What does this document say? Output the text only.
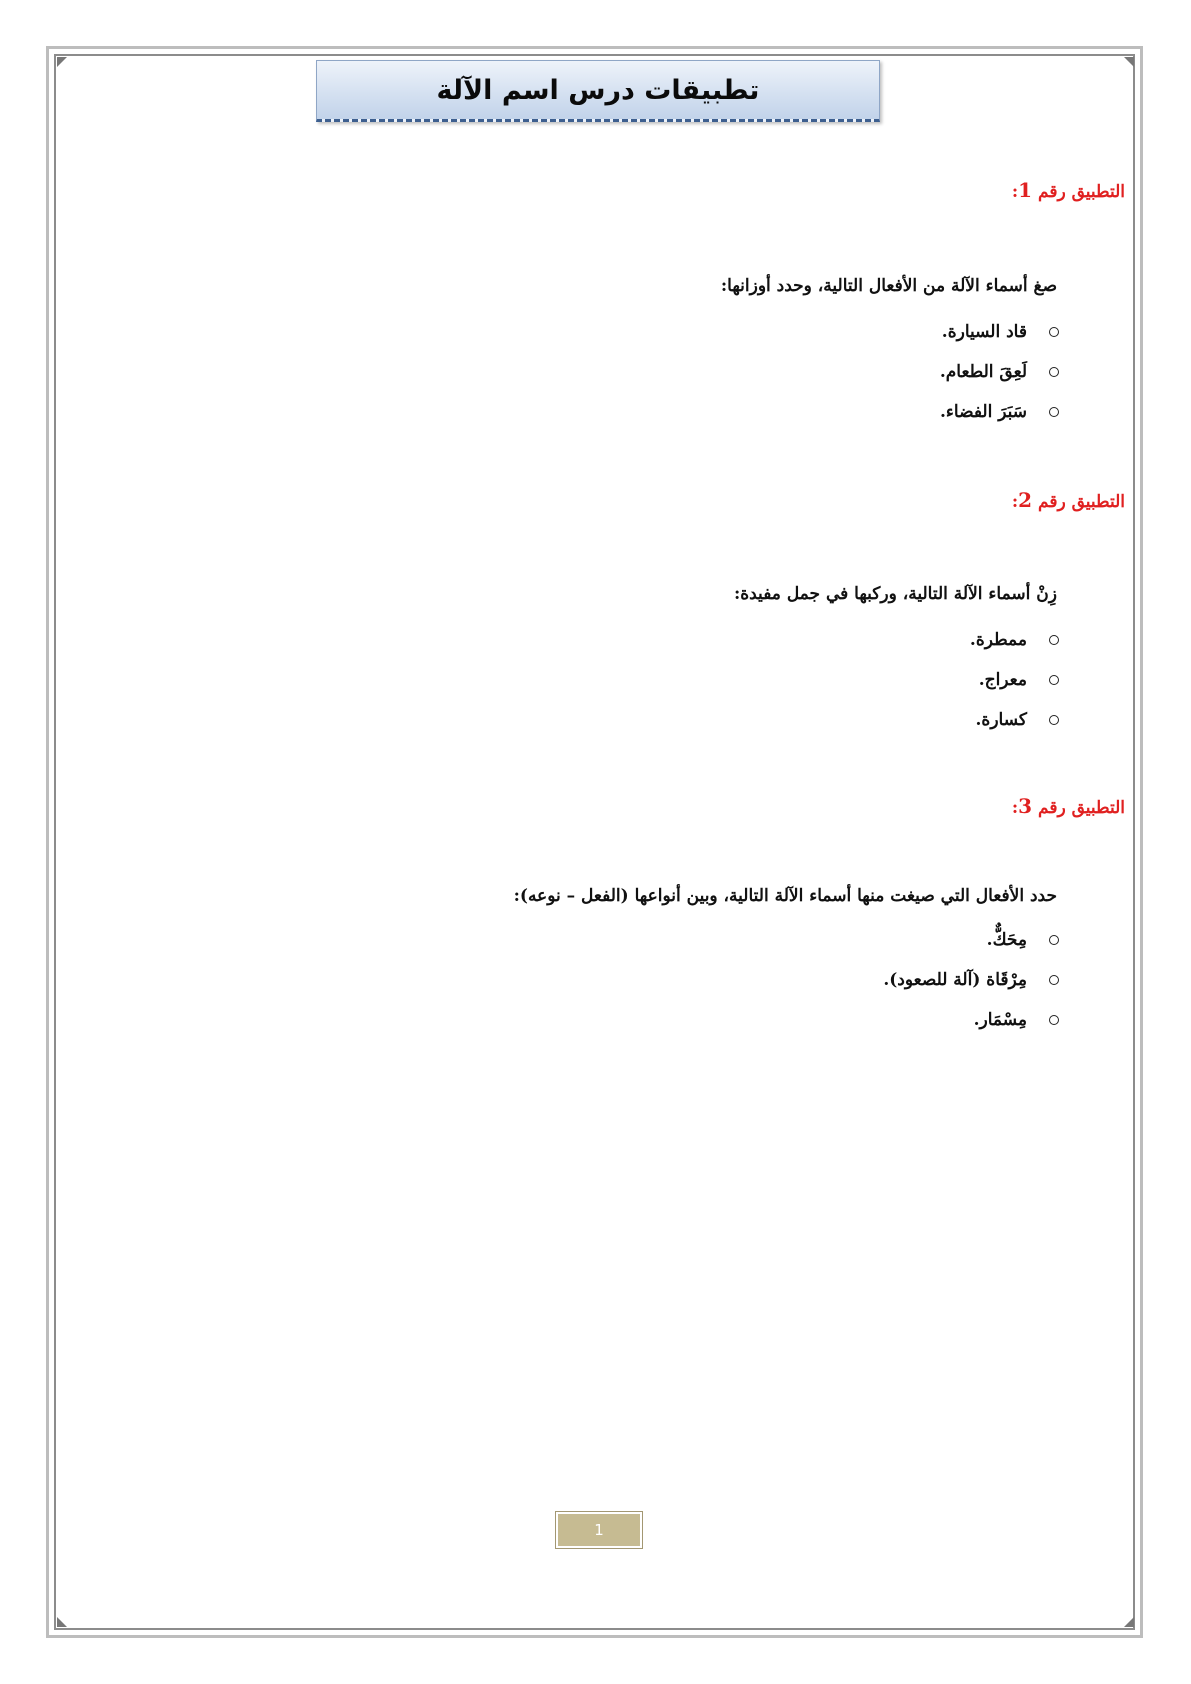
تطبيقات درس اسم الآلة
التطبيق رقم 1:
صغ أسماء الآلة من الأفعال التالية، وحدد أوزانها:
قاد السيارة.
لَعِقَ الطعام.
سَبَرَ الفضاء.
التطبيق رقم 2:
زِنْ أسماء الآلة التالية، وركبها في جمل مفيدة:
ممطرة.
معراج.
كسارة.
التطبيق رقم 3:
حدد الأفعال التي صيغت منها أسماء الآلة التالية، وبين أنواعها (الفعل – نوعه):
مِحَكٌّ.
مِرْقَاة (آلة للصعود).
مِسْمَار.
1
